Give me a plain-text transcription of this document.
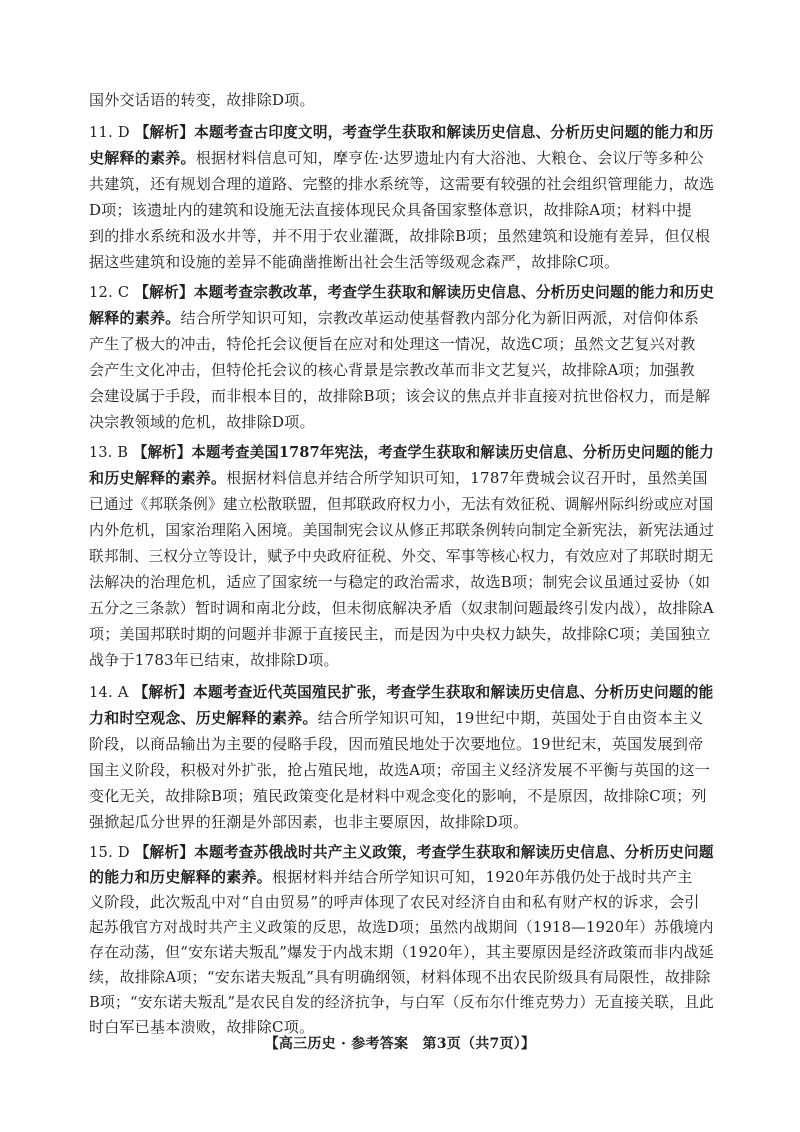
国外交话语的转变，故排除D项。
11. D 【解析】本题考查古印度文明，考查学生获取和解读历史信息、分析历史问题的能力和历
史解释的素养。根据材料信息可知，摩亨佐·达罗遗址内有大浴池、大粮仓、会议厅等多种公
共建筑，还有规划合理的道路、完整的排水系统等，这需要有较强的社会组织管理能力，故选
D项；该遗址内的建筑和设施无法直接体现民众具备国家整体意识，故排除A项；材料中提
到的排水系统和汲水井等，并不用于农业灌溉，故排除B项；虽然建筑和设施有差异，但仅根
据这些建筑和设施的差异不能确凿推断出社会生活等级观念森严，故排除C项。
12. C 【解析】本题考查宗教改革，考查学生获取和解读历史信息、分析历史问题的能力和历史
解释的素养。结合所学知识可知，宗教改革运动使基督教内部分化为新旧两派，对信仰体系
产生了极大的冲击，特伦托会议便旨在应对和处理这一情况，故选C项；虽然文艺复兴对教
会产生文化冲击，但特伦托会议的核心背景是宗教改革而非文艺复兴，故排除A项；加强教
会建设属于手段，而非根本目的，故排除B项；该会议的焦点并非直接对抗世俗权力，而是解
决宗教领域的危机，故排除D项。
13. B 【解析】本题考查美国1787年宪法，考查学生获取和解读历史信息、分析历史问题的能力
和历史解释的素养。根据材料信息并结合所学知识可知，1787年费城会议召开时，虽然美国
已通过《邦联条例》建立松散联盟，但邦联政府权力小，无法有效征税、调解州际纠纷或应对国
内外危机，国家治理陷入困境。美国制宪会议从修正邦联条例转向制定全新宪法，新宪法通过
联邦制、三权分立等设计，赋予中央政府征税、外交、军事等核心权力，有效应对了邦联时期无
法解决的治理危机，适应了国家统一与稳定的政治需求，故选B项；制宪会议虽通过妥协（如
五分之三条款）暂时调和南北分歧，但未彻底解决矛盾（奴隶制问题最终引发内战），故排除A
项；美国邦联时期的问题并非源于直接民主，而是因为中央权力缺失，故排除C项；美国独立
战争于1783年已结束，故排除D项。
14. A 【解析】本题考查近代英国殖民扩张，考查学生获取和解读历史信息、分析历史问题的能
力和时空观念、历史解释的素养。结合所学知识可知，19世纪中期，英国处于自由资本主义
阶段，以商品输出为主要的侵略手段，因而殖民地处于次要地位。19世纪末，英国发展到帝
国主义阶段，积极对外扩张，抢占殖民地，故选A项；帝国主义经济发展不平衡与英国的这一
变化无关，故排除B项；殖民政策变化是材料中观念变化的影响，不是原因，故排除C项；列
强掀起瓜分世界的狂潮是外部因素，也非主要原因，故排除D项。
15. D 【解析】本题考查苏俄战时共产主义政策，考查学生获取和解读历史信息、分析历史问题
的能力和历史解释的素养。根据材料并结合所学知识可知，1920年苏俄仍处于战时共产主
义阶段，此次叛乱中对“自由贸易”的呼声体现了农民对经济自由和私有财产权的诉求，会引
起苏俄官方对战时共产主义政策的反思，故选D项；虽然内战期间（1918—1920年）苏俄境内
存在动荡，但“安东诺夫叛乱”爆发于内战末期（1920年），其主要原因是经济政策而非内战延
续，故排除A项；“安东诺夫叛乱”具有明确纲领，材料体现不出农民阶级具有局限性，故排除
B项；“安东诺夫叛乱”是农民自发的经济抗争，与白军（反布尔什维克势力）无直接关联，且此
时白军已基本溃败，故排除C项。
【高三历史 · 参考答案　第3页（共7页）】
